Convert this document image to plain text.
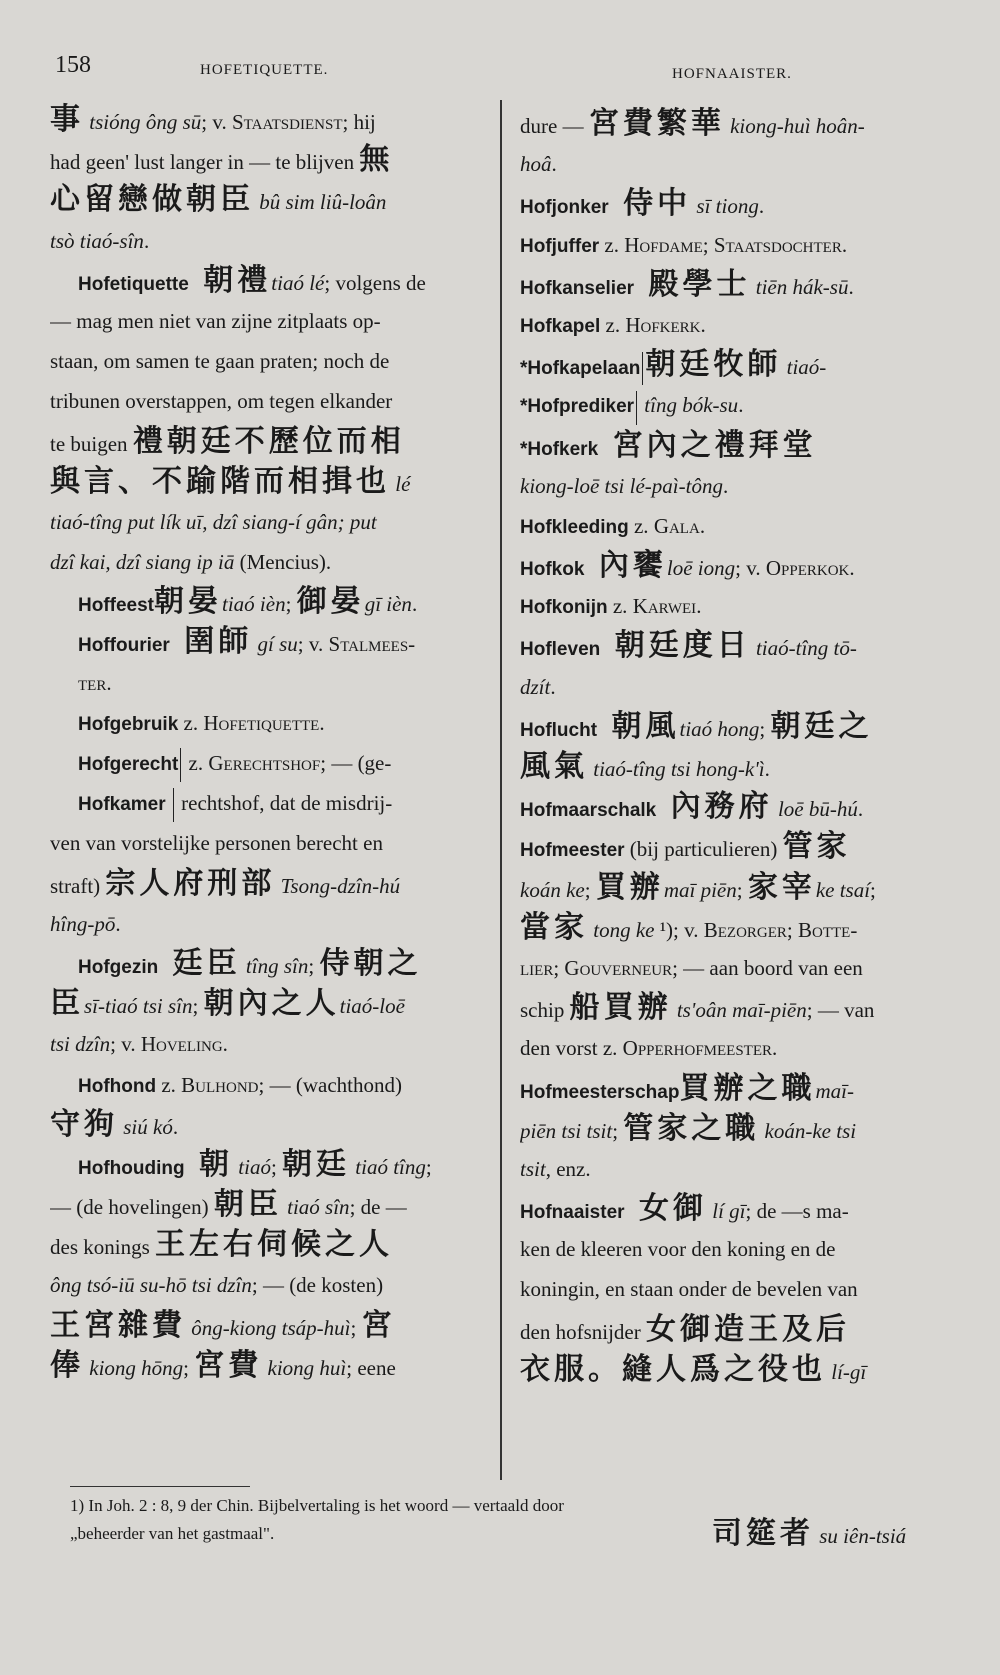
158	HOFETIQUETTE.	HOFNAAISTER.
事 tsióng ông sū; v. Staatsdienst; hij
had geen' lust langer in — te blijven 無
心留戀做朝臣 bû sim liû-loân
tsò tiaó-sîn.
Hofetiquette 朝禮tiaó lé; volgens de
— mag men niet van zijne zitplaats op-
staan, om samen te gaan praten; noch de
tribunen overstappen, om tegen elkander
te buigen 禮朝廷不歷位而相
與言、不踰階而相揖也 lé
tiaó-tîng put lík uī, dzî siang-í gân; put
dzî kai, dzî siang ip iā (Mencius).
Hoffeest朝晏tiaó ièn; 御晏gī ièn.
Hoffourier 圉師 gí su; v. Stalmees-
ter.
Hofgebruik z. Hofetiquette.
Hofgerecht z. Gerechtshof; — (ge-
Hofkamer  rechtshof, dat de misdrij-
ven van vorstelijke personen berecht en
straft) 宗人府刑部 Tsong-dzîn-hú
hîng-pō.
Hofgezin 廷臣 tîng sîn; 侍朝之
臣sī-tiaó tsi sîn; 朝內之人tiaó-loē
tsi dzîn; v. Hoveling.
Hofhond z. Bulhond; — (wachthond)
守狗 siú kó.
Hofhouding 朝 tiaó; 朝廷 tiaó tîng;
— (de hovelingen) 朝臣 tiaó sîn; de —
des konings 王左右伺候之人
ông tsó-iū su-hō tsi dzîn; — (de kosten)
王宮雜費 ông-kiong tsáp-huì; 宮
俸 kiong hōng; 宮費 kiong huì; eene
dure — 宮費繁華 kiong-huì hoân-
hoâ.
Hofjonker 侍中 sī tiong.
Hofjuffer z. Hofdame; Staatsdochter.
Hofkanselier 殿學士 tiēn hák-sū.
Hofkapel z. Hofkerk.
*Hofkapelaan 朝廷牧師 tiaó-
*Hofprediker tîng bók-su.
*Hofkerk 宮內之禮拜堂
kiong-loē tsi lé-paì-tông.
Hofkleeding z. Gala.
Hofkok 內饔loē iong; v. Opperkok.
Hofkonijn z. Karwei.
Hofleven 朝廷度日 tiaó-tîng tō-
dzít.
Hoflucht 朝風tiaó hong; 朝廷之
風氣 tiaó-tîng tsi hong-k'ì.
Hofmaarschalk 內務府 loē bū-hú.
Hofmeester (bij particulieren) 管家
koán ke; 買辦maī piēn; 家宰ke tsaí;
當家 tong ke ¹); v. Bezorger; Botte-
lier; Gouverneur; — aan boord van een
schip 船買辦 ts'oân maī-piēn; — van
den vorst z. Opperhofmeester.
Hofmeesterschap買辦之職maī-
piēn tsi tsit; 管家之職 koán-ke tsi
tsit, enz.
Hofnaaister 女御 lí gī; de —s ma-
ken de kleeren voor den koning en de
koningin, en staan onder de bevelen van
den hofsnijder 女御造王及后
衣服。縫人爲之役也 lí-gī
1) In Joh. 2 : 8, 9 der Chin. Bijbelvertaling is het woord — vertaald door
„beheerder van het gastmaal".	司筵者 su iên-tsiá
